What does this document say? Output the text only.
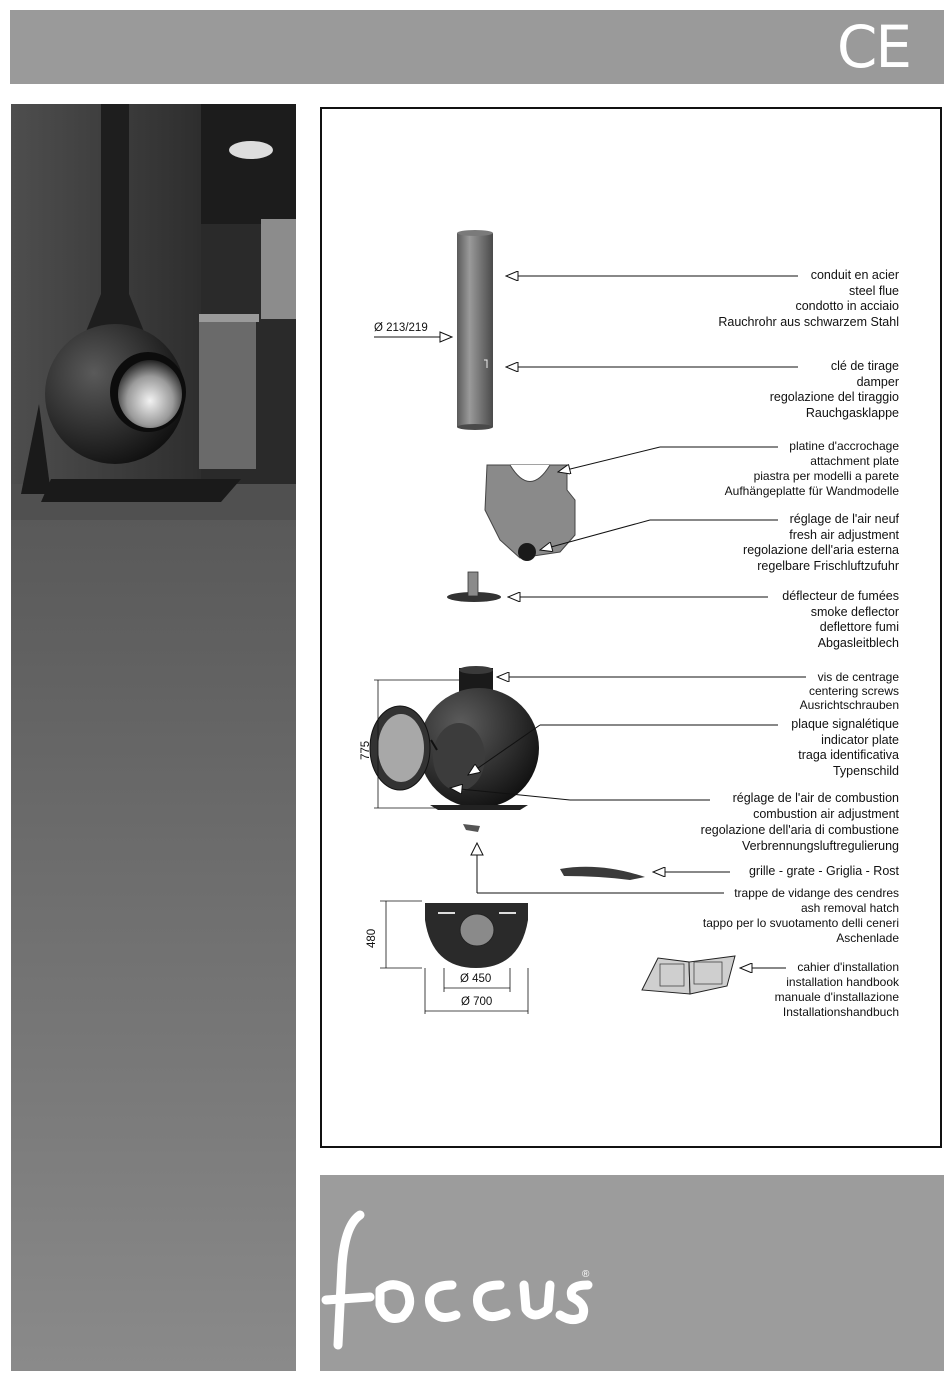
CE
Ø 213/219
775
480
Ø 450
Ø 700
conduit en acier
steel flue
condotto in acciaio
Rauchrohr aus schwarzem Stahl
clé de tirage
damper
regolazione del tiraggio
Rauchgasklappe
platine d'accrochage
attachment plate
piastra per modelli a parete
Aufhängeplatte für Wandmodelle
réglage de l'air neuf
fresh air adjustment
regolazione dell'aria esterna
regelbare Frischluftzufuhr
déflecteur de fumées
smoke deflector
deflettore fumi
Abgasleitblech
vis de centrage
centering screws
Ausrichtschrauben
plaque signalétique
indicator plate
traga identificativa
Typenschild
réglage de l'air de combustion
combustion air adjustment
regolazione dell'aria di combustione
Verbrennungsluftregulierung
grille - grate - Griglia - Rost
trappe de vidange des cendres
ash removal hatch
tappo per lo svuotamento delli ceneri
Aschenlade
cahier d'installation
installation handbook
manuale d'installazione
Installationshandbuch
®
